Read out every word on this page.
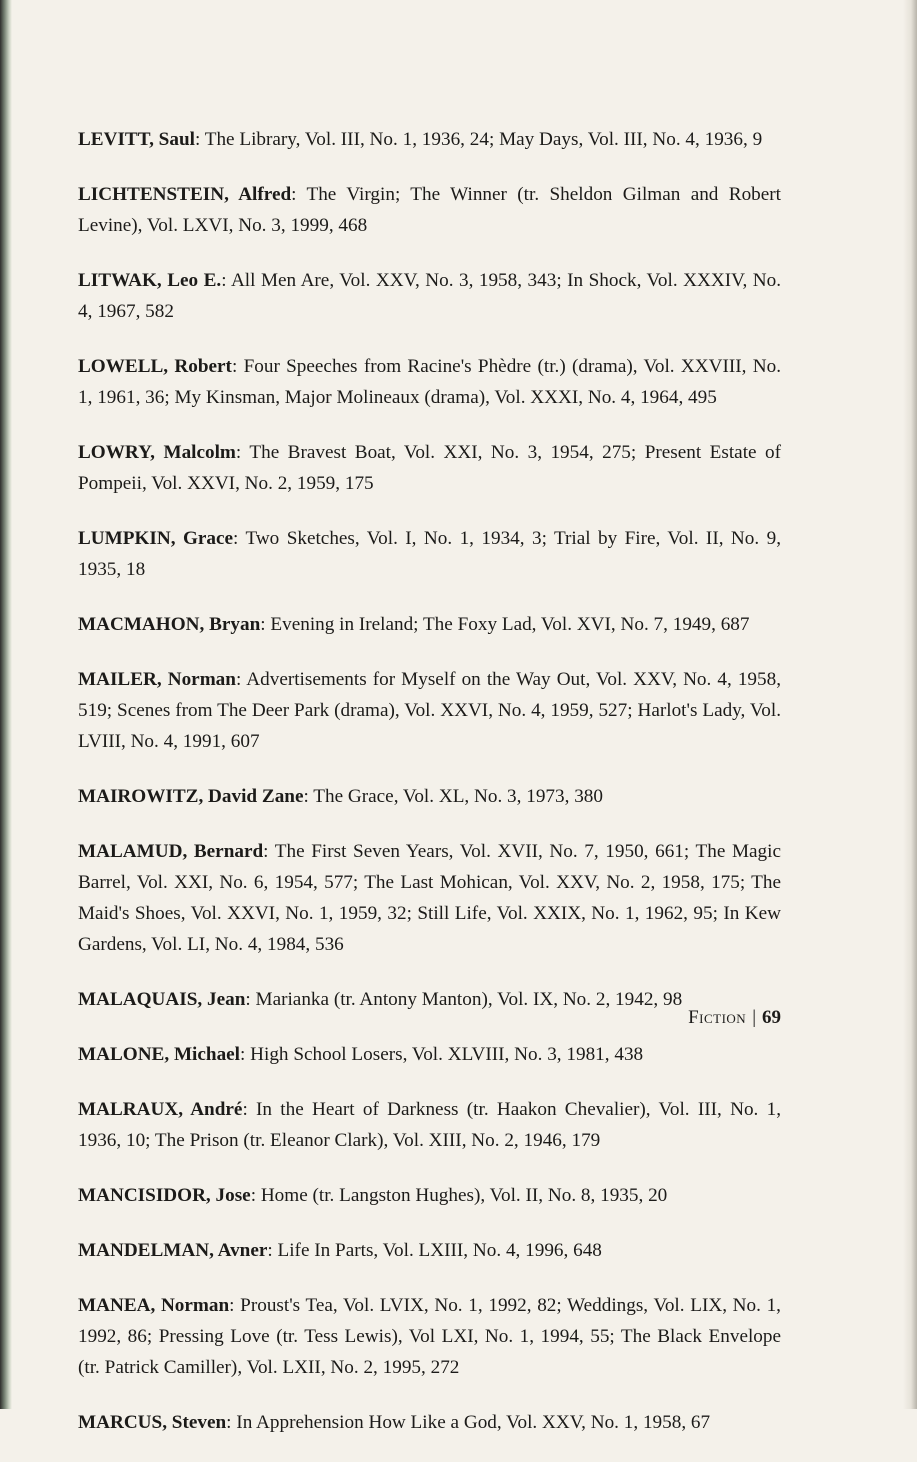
LEVITT, Saul: The Library, Vol. III, No. 1, 1936, 24; May Days, Vol. III, No. 4, 1936, 9

LICHTENSTEIN, Alfred: The Virgin; The Winner (tr. Sheldon Gilman and Robert Levine), Vol. LXVI, No. 3, 1999, 468

LITWAK, Leo E.: All Men Are, Vol. XXV, No. 3, 1958, 343; In Shock, Vol. XXXIV, No. 4, 1967, 582

LOWELL, Robert: Four Speeches from Racine's Phèdre (tr.) (drama), Vol. XXVIII, No. 1, 1961, 36; My Kinsman, Major Molineaux (drama), Vol. XXXI, No. 4, 1964, 495

LOWRY, Malcolm: The Bravest Boat, Vol. XXI, No. 3, 1954, 275; Present Estate of Pompeii, Vol. XXVI, No. 2, 1959, 175

LUMPKIN, Grace: Two Sketches, Vol. I, No. 1, 1934, 3; Trial by Fire, Vol. II, No. 9, 1935, 18

MACMAHON, Bryan: Evening in Ireland; The Foxy Lad, Vol. XVI, No. 7, 1949, 687

MAILER, Norman: Advertisements for Myself on the Way Out, Vol. XXV, No. 4, 1958, 519; Scenes from The Deer Park (drama), Vol. XXVI, No. 4, 1959, 527; Harlot's Lady, Vol. LVIII, No. 4, 1991, 607

MAIROWITZ, David Zane: The Grace, Vol. XL, No. 3, 1973, 380

MALAMUD, Bernard: The First Seven Years, Vol. XVII, No. 7, 1950, 661; The Magic Barrel, Vol. XXI, No. 6, 1954, 577; The Last Mohican, Vol. XXV, No. 2, 1958, 175; The Maid's Shoes, Vol. XXVI, No. 1, 1959, 32; Still Life, Vol. XXIX, No. 1, 1962, 95; In Kew Gardens, Vol. LI, No. 4, 1984, 536

MALAQUAIS, Jean: Marianka (tr. Antony Manton), Vol. IX, No. 2, 1942, 98

MALONE, Michael: High School Losers, Vol. XLVIII, No. 3, 1981, 438

MALRAUX, André: In the Heart of Darkness (tr. Haakon Chevalier), Vol. III, No. 1, 1936, 10; The Prison (tr. Eleanor Clark), Vol. XIII, No. 2, 1946, 179

MANCISIDOR, Jose: Home (tr. Langston Hughes), Vol. II, No. 8, 1935, 20

MANDELMAN, Avner: Life In Parts, Vol. LXIII, No. 4, 1996, 648

MANEA, Norman: Proust's Tea, Vol. LVIX, No. 1, 1992, 82; Weddings, Vol. LIX, No. 1, 1992, 86; Pressing Love (tr. Tess Lewis), Vol LXI, No. 1, 1994, 55; The Black Envelope (tr. Patrick Camiller), Vol. LXII, No. 2, 1995, 272

MARCUS, Steven: In Apprehension How Like a God, Vol. XXV, No. 1, 1958, 67

Fiction | 69
